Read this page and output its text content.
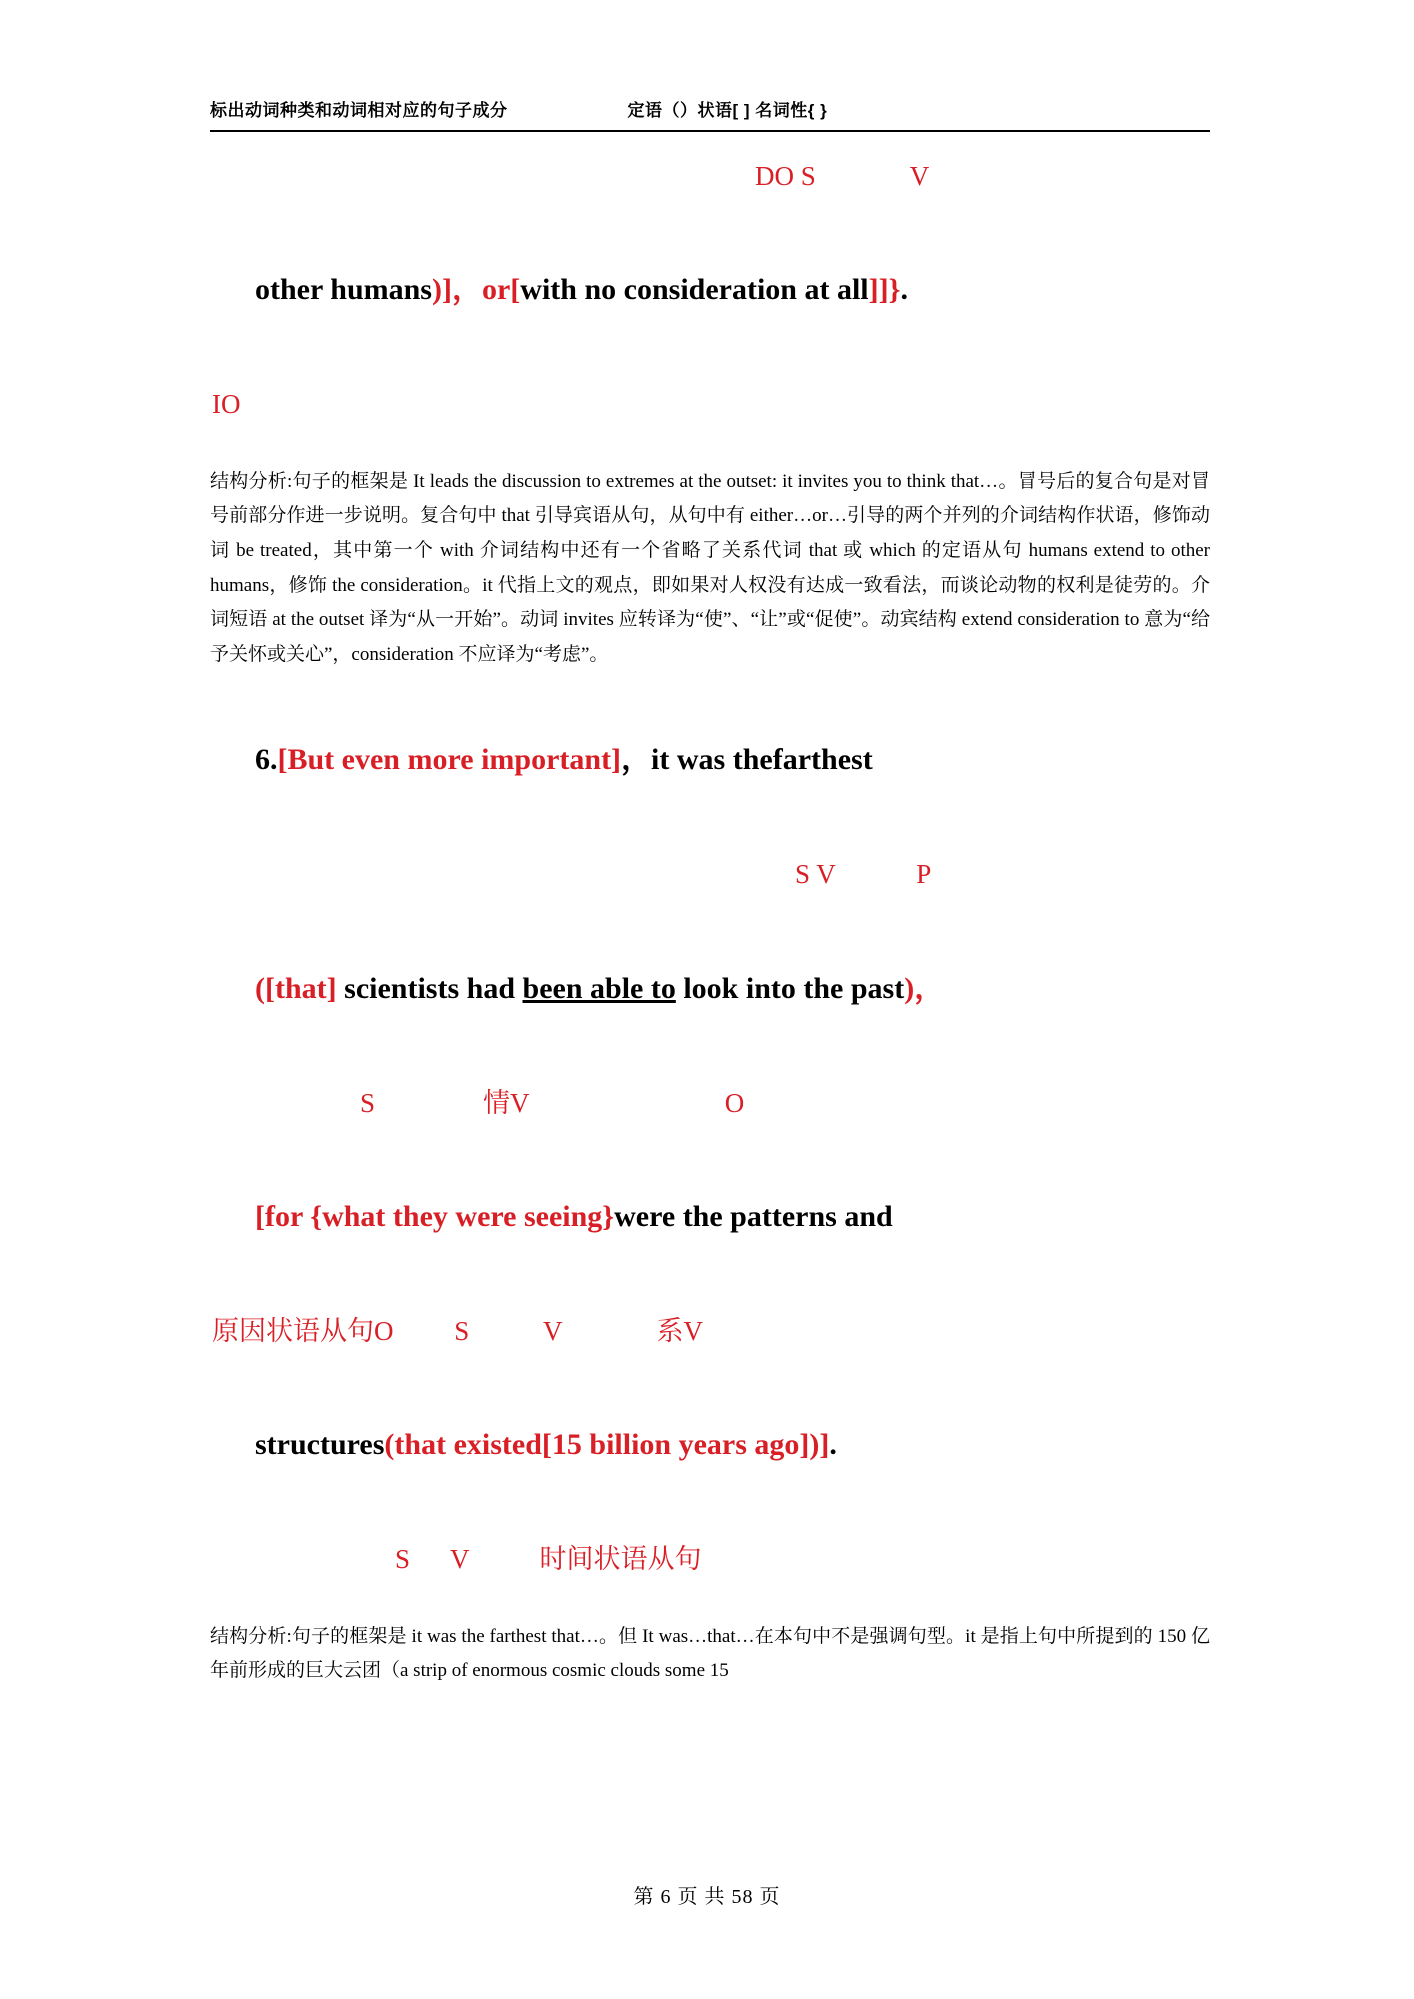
标出动词种类和动词相对应的句子成分	定语（）状语[ ] 名词性{ }
DO S              V

other humans)]，or[with no consideration at all]]}.

IO

结构分析:句子的框架是 It leads the discussion to extremes at the outset: it invites you to think that…。冒号后的复合句是对冒号前部分作进一步说明。复合句中 that 引导宾语从句，从句中有 either…or…引导的两个并列的介词结构作状语，修饰动词 be treated，其中第一个 with 介词结构中还有一个省略了关系代词 that 或 which 的定语从句 humans extend to other humans，修饰 the consideration。it 代指上文的观点，即如果对人权没有达成一致看法，而谈论动物的权利是徒劳的。介词短语 at the outset 译为“从一开始”。动词 invites 应转译为“使”、“让”或“促使”。动宾结构 extend consideration to 意为“给予关怀或关心”，consideration 不应译为“考虑”。

6.[But even more important]，it was thefarthest

S V            P

([that] scientists had been able to look into the past)，

S                情V                             O

[for {what they were seeing}were the patterns and

原因状语从句O         S           V              系V

structures(that existed[15 billion years ago])].

S      V	时间状语从句

结构分析:句子的框架是 it was the farthest that…。但 It was…that…在本句中不是强调句型。it 是指上句中所提到的 150 亿年前形成的巨大云团（a strip of enormous cosmic clouds some 15

第 6 页 共 58 页
